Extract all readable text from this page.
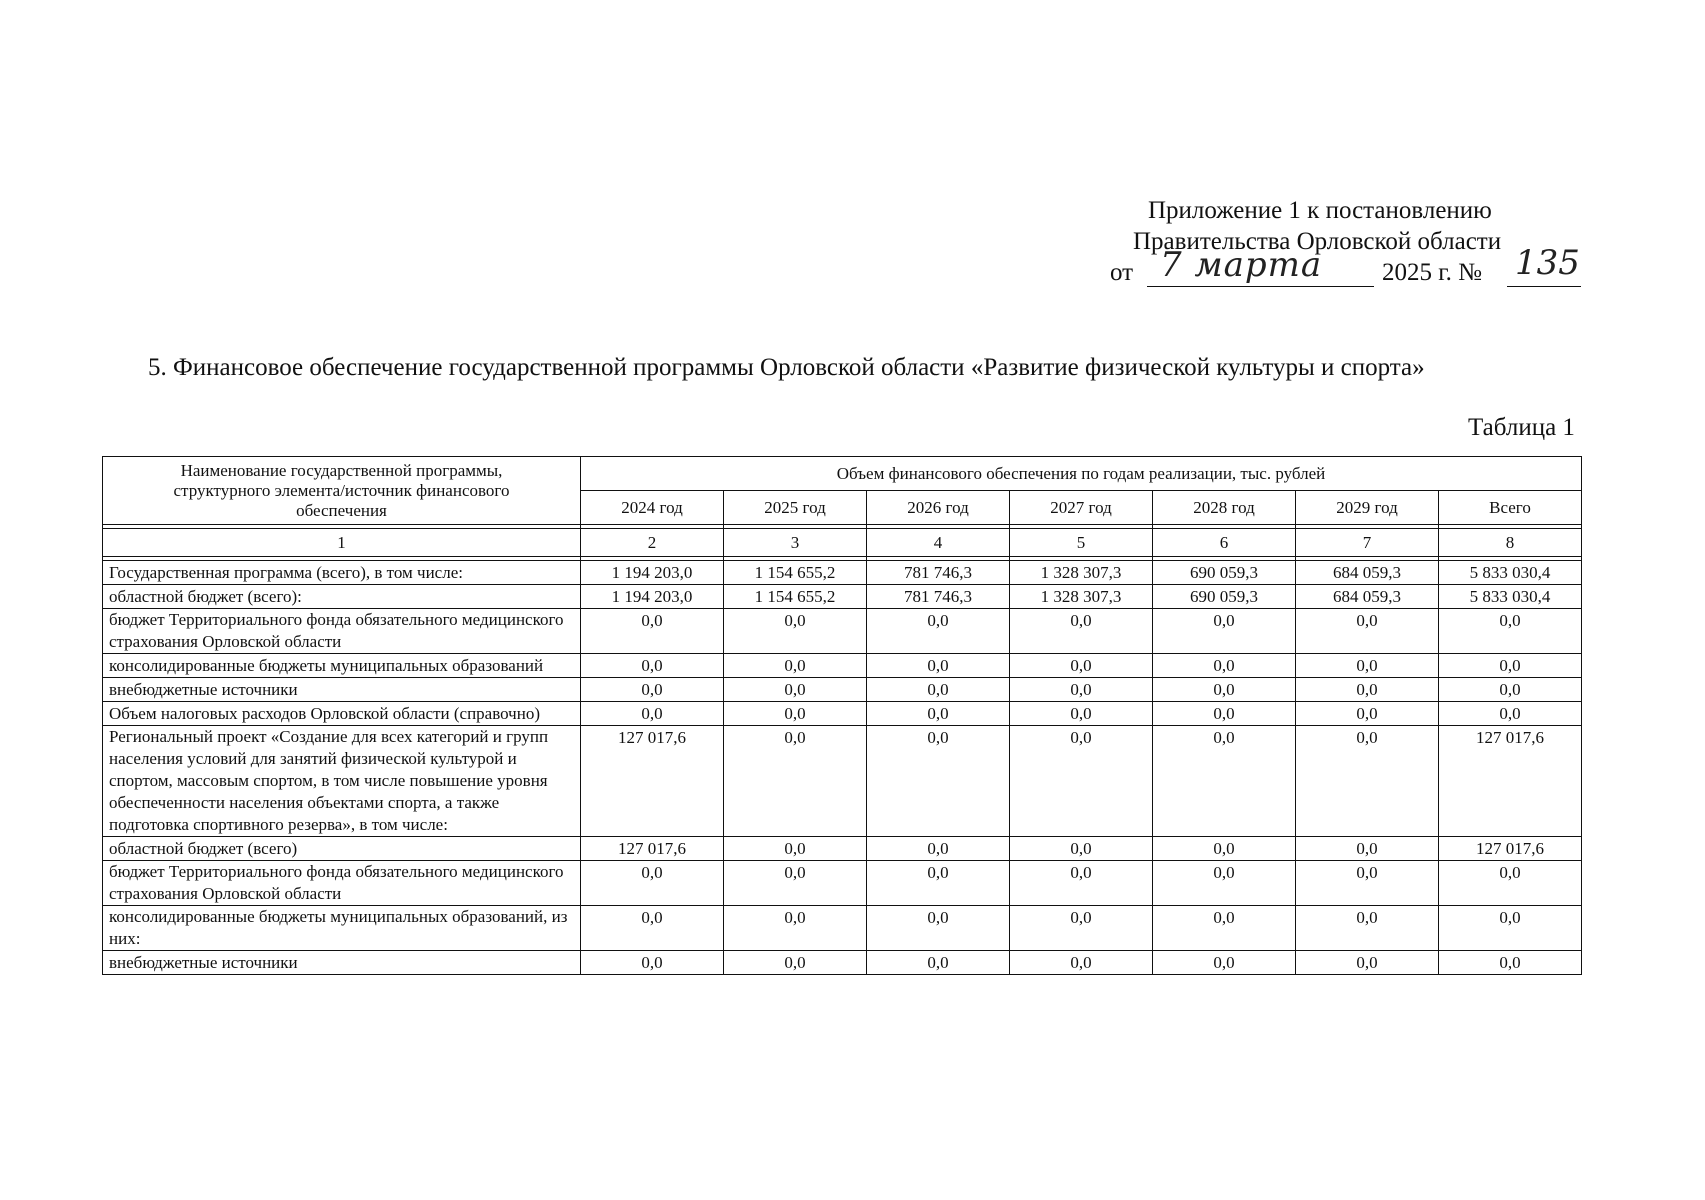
Приложение 1 к постановлению
Правительства Орловской области
от 7 марта 2025 г. № 135
5. Финансовое обеспечение государственной программы Орловской области «Развитие физической культуры и спорта»
Таблица 1
Наименование государственной программы, структурного элемента/источник финансового обеспечения	Объем финансового обеспечения по годам реализации, тыс. рублей						
	2024 год	2025 год	2026 год	2027 год	2028 год	2029 год	Всего

1	2	3	4	5	6	7	8

Государственная программа (всего), в том числе:	1 194 203,0	1 154 655,2	781 746,3	1 328 307,3	690 059,3	684 059,3	5 833 030,4
областной бюджет (всего):	1 194 203,0	1 154 655,2	781 746,3	1 328 307,3	690 059,3	684 059,3	5 833 030,4
бюджет Территориального фонда обязательного медицинского страхования Орловской области	0,0	0,0	0,0	0,0	0,0	0,0	0,0
консолидированные бюджеты муниципальных образований	0,0	0,0	0,0	0,0	0,0	0,0	0,0
внебюджетные источники	0,0	0,0	0,0	0,0	0,0	0,0	0,0
Объем налоговых расходов Орловской области (справочно)	0,0	0,0	0,0	0,0	0,0	0,0	0,0
Региональный проект «Создание для всех категорий и групп населения условий для занятий физической культурой и спортом, массовым спортом, в том числе повышение уровня обеспеченности населения объектами спорта, а также подготовка спортивного резерва», в том числе:	127 017,6	0,0	0,0	0,0	0,0	0,0	127 017,6
областной бюджет (всего)	127 017,6	0,0	0,0	0,0	0,0	0,0	127 017,6
бюджет Территориального фонда обязательного медицинского страхования Орловской области	0,0	0,0	0,0	0,0	0,0	0,0	0,0
консолидированные бюджеты муниципальных образований, из них:	0,0	0,0	0,0	0,0	0,0	0,0	0,0
внебюджетные источники	0,0	0,0	0,0	0,0	0,0	0,0	0,0
